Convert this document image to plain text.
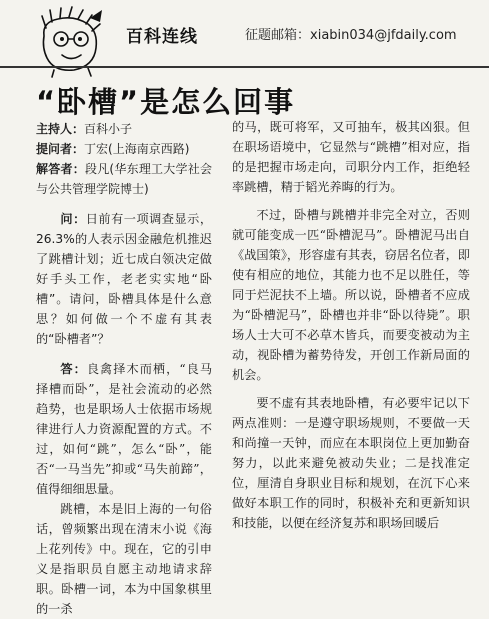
百科连线	征题邮箱：xiabin034@jfdaily.com
“卧槽”是怎么回事

主持人：百科小子

提问者：丁宏(上海南京西路)

解答者：段凡(华东理工大学社会与公共管理学院博士)

问：日前有一项调查显示，26.3%的人表示因金融危机推迟了跳槽计划；近七成白领决定做好手头工作，老老实实地“卧槽”。请问，卧槽具体是什么意思？如何做一个不虚有其表的“卧槽者”？

答：良禽择木而栖，“良马择槽而卧”，是社会流动的必然趋势，也是职场人士依据市场规律进行人力资源配置的方式。不过，如何“跳”，怎么“卧”，能否“一马当先”抑或“马失前蹄”，值得细细思量。

跳槽，本是旧上海的一句俗话，曾频繁出现在清末小说《海上花列传》中。现在，它的引申义是指职员自愿主动地请求辞职。卧槽一词，本为中国象棋里的一杀

的马，既可将军，又可抽车，极其凶狠。但在职场语境中，它显然与“跳槽”相对应，指的是把握市场走向，司职分内工作，拒绝轻率跳槽，精于韬光养晦的行为。

不过，卧槽与跳槽并非完全对立，否则就可能变成一匹“卧槽泥马”。卧槽泥马出自《战国策》，形容虚有其表，窃居名位者，即使有相应的地位，其能力也不足以胜任，等同于烂泥扶不上墙。所以说，卧槽者不应成为“卧槽泥马”，卧槽也并非“卧以待毙”。职场人士大可不必草木皆兵，而要变被动为主动，视卧槽为蓄势待发，开创工作新局面的机会。

要不虚有其表地卧槽，有必要牢记以下两点准则：一是遵守职场规则，不要做一天和尚撞一天钟，而应在本职岗位上更加勤奋努力，以此来避免被动失业；二是找准定位，厘清自身职业目标和规划，在沉下心来做好本职工作的同时，积极补充和更新知识和技能，以便在经济复苏和职场回暖后
